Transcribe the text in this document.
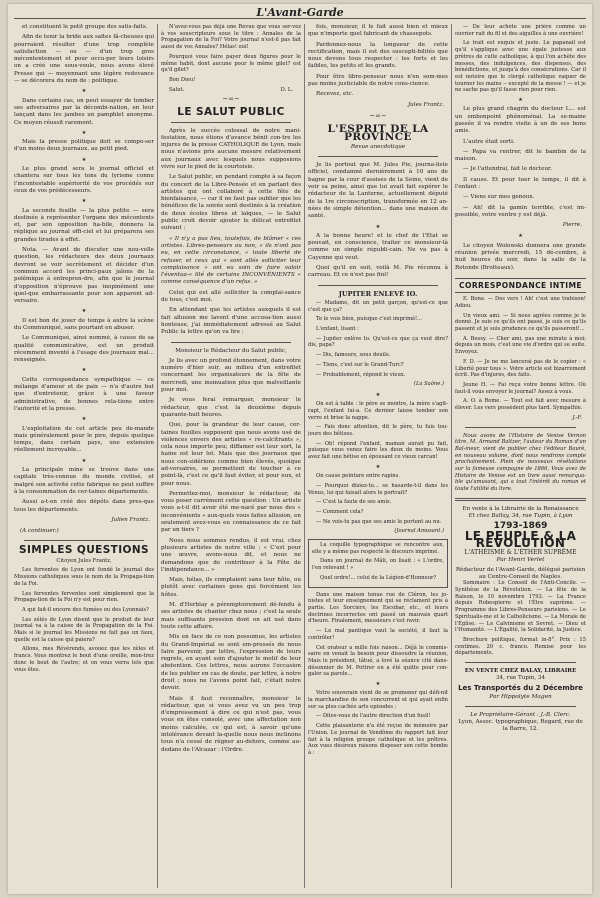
L'Avant-Garde

et constituent le petit groupe des satis-faits.

Afin de tenir la bride aux saltes fâ-cheuses qui pourraient résulter d'une trop complète satisfaction — ou — d'un trop gros mécontentement et pour occu-per leurs loisirs on a créé une sous-voule, nous avons élevé Presse qui — moyennant une légère redevance — se décorera du nom de : politique.

★

Dans certains cas, on peut essayer de tomber ses adversaires par la décombi-nation, en leur lançant dans les jambes un pamphlet anonyme. Ce moyen réussit rarement.

★

Mais la presse politique doit se compo-ser d'un moins deux journaux, au petit pied.

★

Le plus grand sera le journal officiel et chantera sur tous les tons du lyrisme connu l'incontestable supériorité de vos procédés sur ceux de vos prédécesseurs.

★

La seconde feuille — la plus petite — sera destinée à représenter l'organe des mécontents et, par son opposition ha-bile, donnera la réplique au journal offi-ciel et lui préparera ses grandes tirades à effet.

Nota. — Avant de discuter une nou-velle question, les rédacteurs des deux journaux devront se voir secrètement et décider d'un commun accord les princi-paux jalons de la polémique à entrepren-dre, afin que le journal d'opposition n'éprouve pas inopinément une quel-que embarrassante pour son apparent ad-versaire.

★

Il est bon de jouer de temps à autre la scène du Communiqué, sans pourtant en abuser.

Le Communiqué, ainsi nommé, à cause de sa qualité communicative, est un produit récemment inventé à l'usage des journaux mal... renseignés.

★

Cette correspondance sympathique — ce mélange d'amour et de paix — n'a d'autre but que d'entretenir, grâce à une faveur administrative, de bonnes rela-tions entre l'autorité et la presse.

★

L'exploitation de cet article peu de-mande mais généralement pour le pire, depuis quelque temps, dans certain pays, une extension réellement incroyable...

★

La principale mine se trouve dans une capitale très-connue du monde civilisé, et malgré son activité cette fabrique ne peut suffire à la consommation de cer-taines départements.

Aussi a-t-on créé des dépôts dans pres-que tous les départements.

Julien Frantz.
(A continuer.)
SIMPLES QUESTIONS
Citoyen Jules Frantz,

Les ferventes de Lyon ont fondé le journal des Missions catholiques sous le nom de la Propaga-tion de la Foi.

Les ferventes ferventes sont simplement que la Propaga-tion de la Foi n'y est pour rien.

A qui fait-il encore des fumées ou des Lyonnais?

Les zélés de Lyon disent que le produit de leur journal va à la caisse de la Propagation de la Foi. Mais si le journal les Missions ne fait pas un faux, quelle est la caisse qui paiera?

Allons, mes Révérends, avouez que les zèles et francs. Vous montrez le bout d'une oreille, mon-trez donc le bout de l'autre; et on vous verra tels que vous êtes.

N'avez-vous pas déjà une Revue que vous ser-vez à vos souscripteurs sous le titre : Annales de la Propagation de la Foi? Votre journal n'est-il pas fait aussi de vos Annales? Hélas! oui!

Pourquoi vous faire payer deux figures pour le même habit, dont aucune pour le même gilet? est qu'il gilet?

Bon Dieu!

Salut.	D. L.
~∞~
LE SALUT PUBLIC

Après le succès colossal de notre mani-festation, nous étions d'avance bénit con-tre les injures de la presse CATHOLIQUE de Lyon, mais nous n'avions pris aucune mesure relativement aux journaux avec lesquels nous supposions vivre sur le pied de la courtoisie.

Le Salut public, en pendant compte à sa façon du concert de la Libre-Pensée et en parlant des artistes qui ont collaboré à cette fête de bienfaisance, — car il ne faut pas oublier que les bénéfices de la soirée sont destinés à la création de deux écoles libres et laïques, — le Salut public croit devoir ajouter le délicat entrefilet suivant :

« Il n'y a pas lieu, toutefois, de blâmer « ces artistes. Libres-penseurs ou non, « ils n'ont pas eu, en cette circonstance, « toute liberté de refuser, et ceux qui « sont allés solliciter leur complaisance « ont eu soin de faire valoir l'éventua-« lité de certains INCONVÉNIENTS « comme conséquence d'un refus. »

Celui qui est allé solliciter la complai-sance de tous, c'est moi.

En attendant que les artistes auxquels il est fait allusion me lavent d'une accusa-tion aussi honteuse, j'ai immédiatement adressé au Salut Public la lettre qu'on va lire :

Monsieur le Rédacteur du Salut public,

Je lis avec un profond étonnement, dans votre numéro d'hier soir, au milieu d'un entrefilet concernant les organisateurs de la fête de mercredi, une insinuation plus que malveillante pour moi.

Je vous ferai remarquer, monsieur le rédacteur, que c'est la deuxième depuis quarante-huit heures.

Que, pour la grandeur de leur cause, cer-taines feuilles supposent que nous avons usé de violences envers des artistes « re-calcitrants », cela nous importe peu; diffamer est leur sort, la haine est leur lot. Mais que des journaux que nous con-sidérions comme bien élevés, quoique ad-versaires, se permettent de toucher à ce point-là, c'est ce qu'il faut éviter, et pour eux, et pour nous.

Permettez-moi, monsieur le rédacteur, de vous poser carrément cette question : Un artiste vous a-t-il dit avoir été me-nacé par nous des « inconvénients » aux-quels vous faites allusion, en seulement avez-vous eu connaissance de ce fait par un tiers ?

Nous nous sommes rendus, il est vrai, chez plusieurs artistes de notre ville : « C'est pour une œuvre, avons-nous dit, et nous ne demandons que de contribuer à la Fête de l'indépendance... »

Mais, hélas, ils comptaient sans leur hôte, ou plutôt avec certaines gens qui forcément les hôtes.

M. d'Herblay a péremptoirement dé-fendu à ses artistes de chanter chez nous ; c'est la seule mais suffisante pression dont on ait usé dans toute cette affaire.

Mis en face de ce non possumus, les artistes du Grand-Impérial se sont em-pressés de nous faire parvenir, par lettre, l'expression de leurs regrets, en ayant soin d'ajouter le motif de leur abstention. Ces lettres, nous aurons l'occasion de les publier en cas de doute, par lettre, à notre droit ; nous ne l'avons point fait, c'était notre devoir.

Mais il faut reconnaître, monsieur le rédacteur, que si vous avez vu un peu trop d'empressement à dire ce qui n'est pas, vous vous en êtes consolé, avec une affectation non moins calculée, ce qui est, à savoir qu'une intolérance devant la-quelle nous nous inclinons tous n'a cessé de régner au-dehors, comme au-dedans de l'Alcazar : l'Ordre.

fois, monsieur, il le fait aussi bien et mieux que n'importe quel fabricant de chassepots.

Pardonnez-nous la longueur de cette rectification, mais il est des suscepti-bilités que nous devons tous respecter : les forts et les faibles, les petits et les grands.

Pour être libre-penseur nous n'en som-mes pas moins justiciable de notre cons-cience.

Recevez, etc.

Jules Frantz.
~∞~
L'ESPRIT DE LA PROVINCE
Revue anecdotique

Je lis portout que M. Jules Pie, journa-liste officiel, condamné dernièrement à 10 ans de bagne par la cour d'assises de la Seine, vient de voir sa peine, ainsi que lui avait fait espérer le rédacteur de la Lanterne, actuellement député de la 1re circonscription, transformée en 12 an-nées de simple détention... dans une maison de santé.

★

A la bonne heure! et le chef de l'Etat se pouvait, en conscience, traiter ce monsieur-là comme un simple républi-cain. Ne va pas à Cayenne qui veut.

Quoi qu'il en soit, voilà M. Pie réconnu à carreau. Et ce n'est pas fini!

JUPITER ENLEVÉ IO.

— Madame, dit un petit garçon, qu'est-ce que c'est que ça?

Te le vois bien, puisque c'est imprimé!...

L'enfant, lisant :

— Jupiter enlève Io. Qu'est-ce que ça veut dire? dis, papa?

— Dis, famours, sous deuils.

— Tiens, c'est sur le Grand-Turc?

— Probablement, répond le vieux.

(La Saône.)
★

On est à table : le père se montre, la mère s'agit-rapt, l'enfant lui-a. Ce dernier laisse tomber son verre et brise la nappe.

— Fais donc attention, dit le père, tu fais tou-jours des bêtises.

— Oh! répond l'enfant, maman aurait pu fait, puisque vous venez faire les deux de moins. Vous avez fait une bêtise en épousant ce vieux carcan!

★

On cause peinture entre rapins.

— Pourquoi disiez-tu... se hasarde-t-il dans les Vénus, lui qui faisait alors le portrait?

— C'est la faute de ses amis.

— Comment cela?

— Ne vois-tu pas que ses amis le portent au nu.

(Journal Amusant.)

La coquille typographique se rencontre aux, elle y a même pas respecté le discours imprimé.

Dans un journal de Mâli, on lisait : « L'ordre, l'en relevant ! »

Quel ordre!... celui de la Légion-d'Honneur?

Dans une maison tenue rue de Cléron, les jo-nistes et leur enseignement qui se réclament pris à partie. Les Sorciers, les Escobar, etc., et leurs doctrines incorrectes ont passé un mauvais quart d'heure. Finalement, messieurs c'est ravir.

— Le mal pantique vaut la société, il faut la contrôler!

Cet orateur a mille fois raison... Déjà le commis-saire en venait la besoin pour dissoudre la réunion, Mais le président, tâtué, a lové la séance cité dans-désonnier de M. Pottrer en a été quitte pour con-galer sa parole...

★

Votre souverain vient de se promener qui défi-nit la marchandise de son concurrent et qui ayait enfin sur sa plus cachée arts episodes :

— Dites-vous de l'autre direction d'un fusil!

Cette plaisanterie n'a été reçue de mémoire par l'Union. Le journal de Vendôme du rapport fait leur fait à la religion groupe catholique et les prêtres. Aux vues désireux raisons disposer son cette bombe à :

— De leur achète une prière comme un ouvrier rait du fil et des aiguilles à une ouvrière!

Le trait est exquis et juste. Le papanail est qu'il s'applique avec une égale justesse aux prêtres de culte catholique, à qui l'on achète des messes, des indulgences, des dispenses, des bénédictions, et jusqu'à des consécrations. Car il est notoire que le clergé catholique vaquer de tourner les mains -- excepté de la messe ! — et je ne sache pas qu'il fasse rien pour rien.

★

Le plus grand chagrin du docteur L... est un embonpoint phénoménal. La se-maine passée il va rendre visite à un de ses bons amis.

L'autre était sorti.

— Papa va rentrer, dit le bambin de la maison.

— Je l'attendrai, fait le docteur.

Il cause. Et pour tuer le temps, il dit à l'enfant :

— Viens sur mes genoux.

— Ah! dit la gamin terrible, c'est im-possible, votre ventre y est déjà.

Pierre.
★

Le citoyen Wolowski donnera une grande réunion privée mercredi, 15 dé-cembre, à huit heures du soir, dans la salle de la Rotonde (Brotteaux).

CORRESPONDANCE INTIME

E. Bone. — Des vers ! Ah! c'est une trahison! Adieu.

Un vieux ami. — Si nous agrées comme je le donné. Je suis ce qu'ils ont passé, je suis ce qu'ils passent et je suis prudence ce qu'ils passeront!...

A. Bessy. — Cher ami, pas une minute à moi; depuis un mois, c'est une vie d'ordre qui se suite. Envoyez.

F. D. — Je ne me lancerai pas de le copier : « Liberté pour tous ». Votre article est bizarrement écrit. Pas d'injures, des faits.

Jeune H. — Fai reçu votre bonne lettre. Où faut-il vous envoyer le journal? Assez à vous.

A. O. à Rome. — Tout est fait avec mesure à élever. Les vers possèdent plus tard. Sympathie.

J.-F.

Nous avons de l'Histoire de Venise Vernon titre, M. Armand Baltzer, l'auteur du Roman d'un Bal-ineur, vient de publier chez l'éditeur Bauré, en nouveau volume, dont nous rendrons compte prochainement. Plein de nouveaux révélations sur la fameuse campagne de 1866, Vous avez de Histoire de Venise est un livre aussi remarqua-ble qu'amusant, qui a tout l'intérêt du roman et toute l'utilité du livre.

En vente à la Librairie de la Renaissance
Et chez Ballay, 34, rue Tupin, à Lyon
1793-1869
LE PEUPLE & LA RÉVOLUTION
L'ATHÉISME & L'ÉTHER SUPRÊME
Par Henri Verlet
Rédacteur de l'Avant-Garde, délégué parisien au Centre-Conseil de Naples.

Sommaire : Le Conseil de l'Anti-Concile. — Synthèse de la Révolution. — La fête de la Raison, le 10 novembre 1793. — La France depuis Robespierre et l'Être suprême. — Programme des Libres-Penseurs parisiens. — Le Spiritualis-me et le Catholicisme. — La Morale de l'Église. — Le Calvinisme et Sevret. — Dieu et l'Humanité. — L'Égalité, la Solidarité, la Justice.

Brochure politique, format in-8°. Prix : 15 centimes. 20 c. franco. Remise pour les départements.

EN VENTE CHEZ BALAY, LIBRAIRE
34, rue Tupin, 34
Les Transportés du 2 Décembre
Par Hippolyte Magen
Le Propriétaire-Gérant : J.-B. Clerc.
Lyon, Assoc. typographique, Regard, rue de la Barre, 12.
